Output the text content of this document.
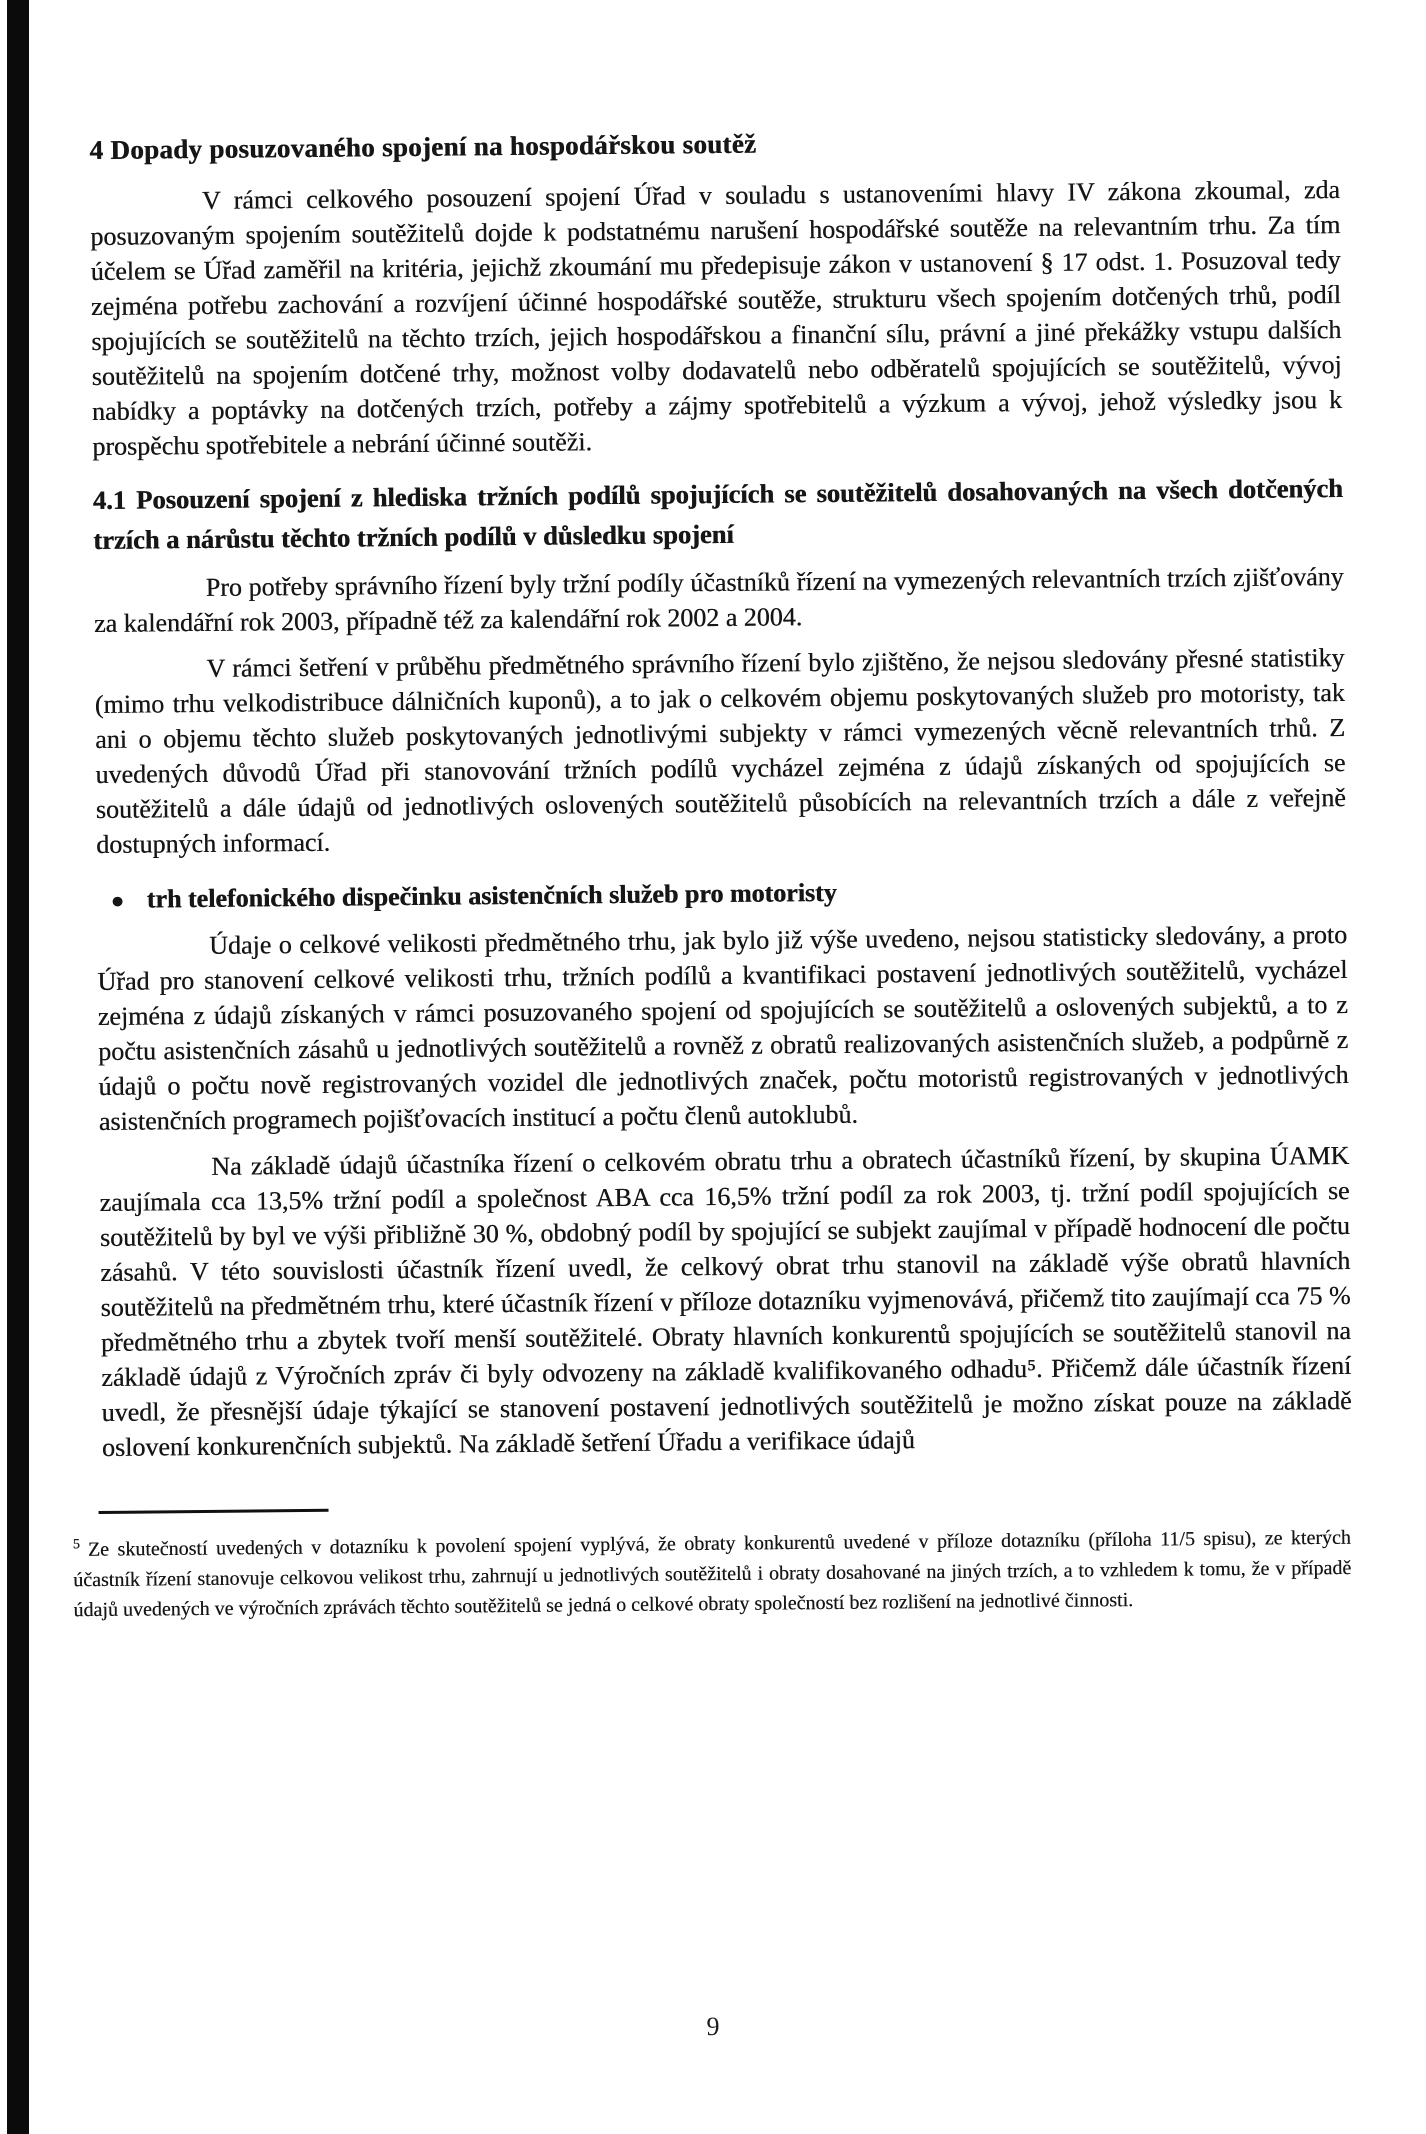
4 Dopady posuzovaného spojení na hospodářskou soutěž

V rámci celkového posouzení spojení Úřad v souladu s ustanoveními hlavy IV zákona zkoumal, zda posuzovaným spojením soutěžitelů dojde k podstatnému narušení hospodářské soutěže na relevantním trhu. Za tím účelem se Úřad zaměřil na kritéria, jejichž zkoumání mu předepisuje zákon v ustanovení § 17 odst. 1. Posuzoval tedy zejména potřebu zachování a rozvíjení účinné hospodářské soutěže, strukturu všech spojením dotčených trhů, podíl spojujících se soutěžitelů na těchto trzích, jejich hospodářskou a finanční sílu, právní a jiné překážky vstupu dalších soutěžitelů na spojením dotčené trhy, možnost volby dodavatelů nebo odběratelů spojujících se soutěžitelů, vývoj nabídky a poptávky na dotčených trzích, potřeby a zájmy spotřebitelů a výzkum a vývoj, jehož výsledky jsou k prospěchu spotřebitele a nebrání účinné soutěži.

4.1 Posouzení spojení z hlediska tržních podílů spojujících se soutěžitelů dosahovaných na všech dotčených trzích a nárůstu těchto tržních podílů v důsledku spojení

Pro potřeby správního řízení byly tržní podíly účastníků řízení na vymezených relevantních trzích zjišťovány za kalendářní rok 2003, případně též za kalendářní rok 2002 a 2004.

V rámci šetření v průběhu předmětného správního řízení bylo zjištěno, že nejsou sledovány přesné statistiky (mimo trhu velkodistribuce dálničních kuponů), a to jak o celkovém objemu poskytovaných služeb pro motoristy, tak ani o objemu těchto služeb poskytovaných jednotlivými subjekty v rámci vymezených věcně relevantních trhů. Z uvedených důvodů Úřad při stanovování tržních podílů vycházel zejména z údajů získaných od spojujících se soutěžitelů a dále údajů od jednotlivých oslovených soutěžitelů působících na relevantních trzích a dále z veřejně dostupných informací.

● trh telefonického dispečinku asistenčních služeb pro motoristy

Údaje o celkové velikosti předmětného trhu, jak bylo již výše uvedeno, nejsou statisticky sledovány, a proto Úřad pro stanovení celkové velikosti trhu, tržních podílů a kvantifikaci postavení jednotlivých soutěžitelů, vycházel zejména z údajů získaných v rámci posuzovaného spojení od spojujících se soutěžitelů a oslovených subjektů, a to z počtu asistenčních zásahů u jednotlivých soutěžitelů a rovněž z obratů realizovaných asistenčních služeb, a podpůrně z údajů o počtu nově registrovaných vozidel dle jednotlivých značek, počtu motoristů registrovaných v jednotlivých asistenčních programech pojišťovacích institucí a počtu členů autoklubů.

Na základě údajů účastníka řízení o celkovém obratu trhu a obratech účastníků řízení, by skupina ÚAMK zaujímala cca 13,5% tržní podíl a společnost ABA cca 16,5% tržní podíl za rok 2003, tj. tržní podíl spojujících se soutěžitelů by byl ve výši přibližně 30 %, obdobný podíl by spojující se subjekt zaujímal v případě hodnocení dle počtu zásahů. V této souvislosti účastník řízení uvedl, že celkový obrat trhu stanovil na základě výše obratů hlavních soutěžitelů na předmětném trhu, které účastník řízení v příloze dotazníku vyjmenovává, přičemž tito zaujímají cca 75 % předmětného trhu a zbytek tvoří menší soutěžitelé. Obraty hlavních konkurentů spojujících se soutěžitelů stanovil na základě údajů z Výročních zpráv či byly odvozeny na základě kvalifikovaného odhadu⁵. Přičemž dále účastník řízení uvedl, že přesnější údaje týkající se stanovení postavení jednotlivých soutěžitelů je možno získat pouze na základě oslovení konkurenčních subjektů. Na základě šetření Úřadu a verifikace údajů

$^5$ Ze skutečností uvedených v dotazníku k povolení spojení vyplývá, že obraty konkurentů uvedené v příloze dotazníku (příloha 11/5 spisu), ze kterých účastník řízení stanovuje celkovou velikost trhu, zahrnují u jednotlivých soutěžitelů i obraty dosahované na jiných trzích, a to vzhledem k tomu, že v případě údajů uvedených ve výročních zprávách těchto soutěžitelů se jedná o celkové obraty společností bez rozlišení na jednotlivé činnosti.

9
